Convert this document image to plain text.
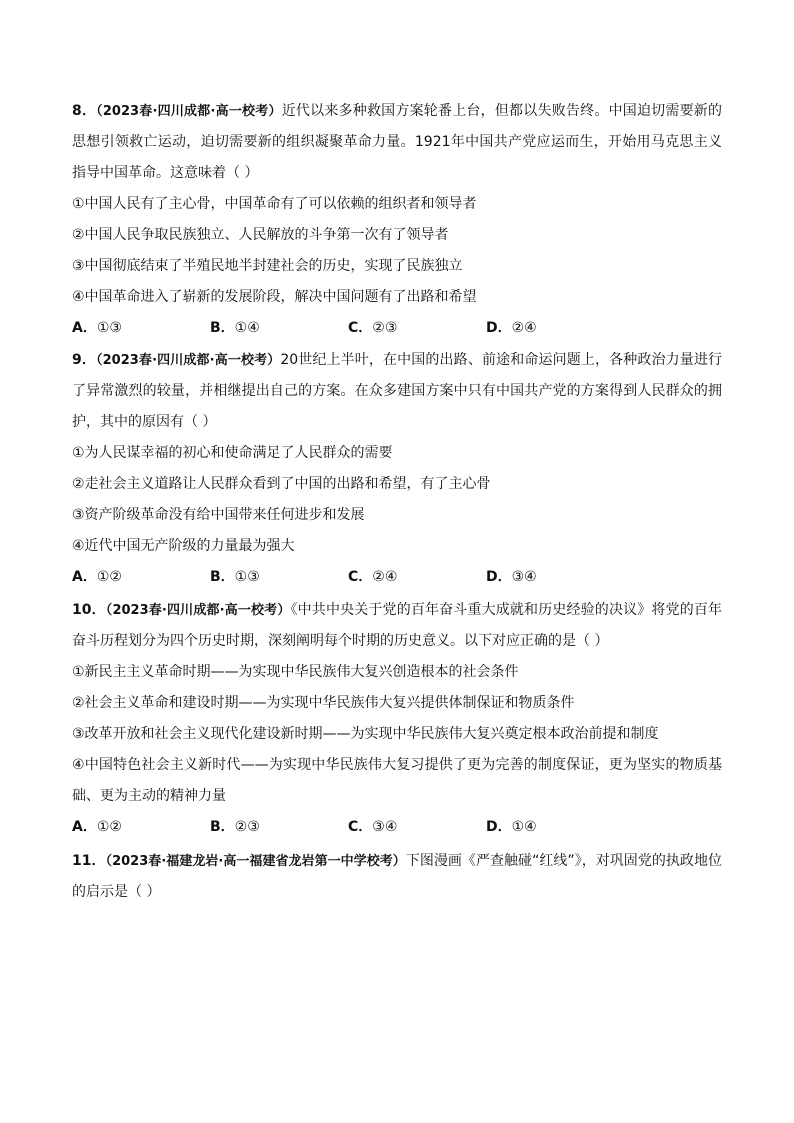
8．（2023春·四川成都·高一校考）近代以来多种救国方案轮番上台，但都以失败告终。中国迫切需要新的思想引领救亡运动，迫切需要新的组织凝聚革命力量。1921年中国共产党应运而生，开始用马克思主义指导中国革命。这意味着（ ）

①中国人民有了主心骨，中国革命有了可以依赖的组织者和领导者

②中国人民争取民族独立、人民解放的斗争第一次有了领导者

③中国彻底结束了半殖民地半封建社会的历史，实现了民族独立

④中国革命进入了崭新的发展阶段，解决中国问题有了出路和希望

A．①③	B．①④	C．②③	D．②④

9．（2023春·四川成都·高一校考）20世纪上半叶，在中国的出路、前途和命运问题上，各种政治力量进行了异常激烈的较量，并相继提出自己的方案。在众多建国方案中只有中国共产党的方案得到人民群众的拥护，其中的原因有（ ）

①为人民谋幸福的初心和使命满足了人民群众的需要

②走社会主义道路让人民群众看到了中国的出路和希望，有了主心骨

③资产阶级革命没有给中国带来任何进步和发展

④近代中国无产阶级的力量最为强大

A．①②	B．①③	C．②④	D．③④

10．（2023春·四川成都·高一校考）《中共中央关于党的百年奋斗重大成就和历史经验的决议》将党的百年奋斗历程划分为四个历史时期，深刻阐明每个时期的历史意义。以下对应正确的是（ ）

①新民主主义革命时期——为实现中华民族伟大复兴创造根本的社会条件

②社会主义革命和建设时期——为实现中华民族伟大复兴提供体制保证和物质条件

③改革开放和社会主义现代化建设新时期——为实现中华民族伟大复兴奠定根本政治前提和制度

④中国特色社会主义新时代——为实现中华民族伟大复习提供了更为完善的制度保证，更为坚实的物质基础、更为主动的精神力量

A．①②	B．②③	C．③④	D．①④

11．（2023春·福建龙岩·高一福建省龙岩第一中学校考）下图漫画《严查触碰“红线”》，对巩固党的执政地位的启示是（ ）
